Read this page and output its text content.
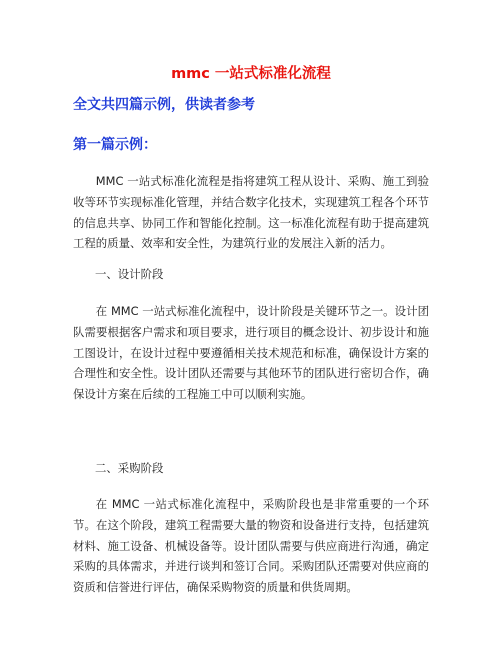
mmc 一站式标准化流程

全文共四篇示例，供读者参考

第一篇示例：

MMC 一站式标准化流程是指将建筑工程从设计、采购、施工到验收等环节实现标准化管理，并结合数字化技术，实现建筑工程各个环节的信息共享、协同工作和智能化控制。这一标准化流程有助于提高建筑工程的质量、效率和安全性，为建筑行业的发展注入新的活力。

一、设计阶段

在 MMC 一站式标准化流程中，设计阶段是关键环节之一。设计团队需要根据客户需求和项目要求，进行项目的概念设计、初步设计和施工图设计，在设计过程中要遵循相关技术规范和标准，确保设计方案的合理性和安全性。设计团队还需要与其他环节的团队进行密切合作，确保设计方案在后续的工程施工中可以顺利实施。

二、采购阶段

在 MMC 一站式标准化流程中，采购阶段也是非常重要的一个环节。在这个阶段，建筑工程需要大量的物资和设备进行支持，包括建筑材料、施工设备、机械设备等。设计团队需要与供应商进行沟通，确定采购的具体需求，并进行谈判和签订合同。采购团队还需要对供应商的资质和信誉进行评估，确保采购物资的质量和供货周期。
